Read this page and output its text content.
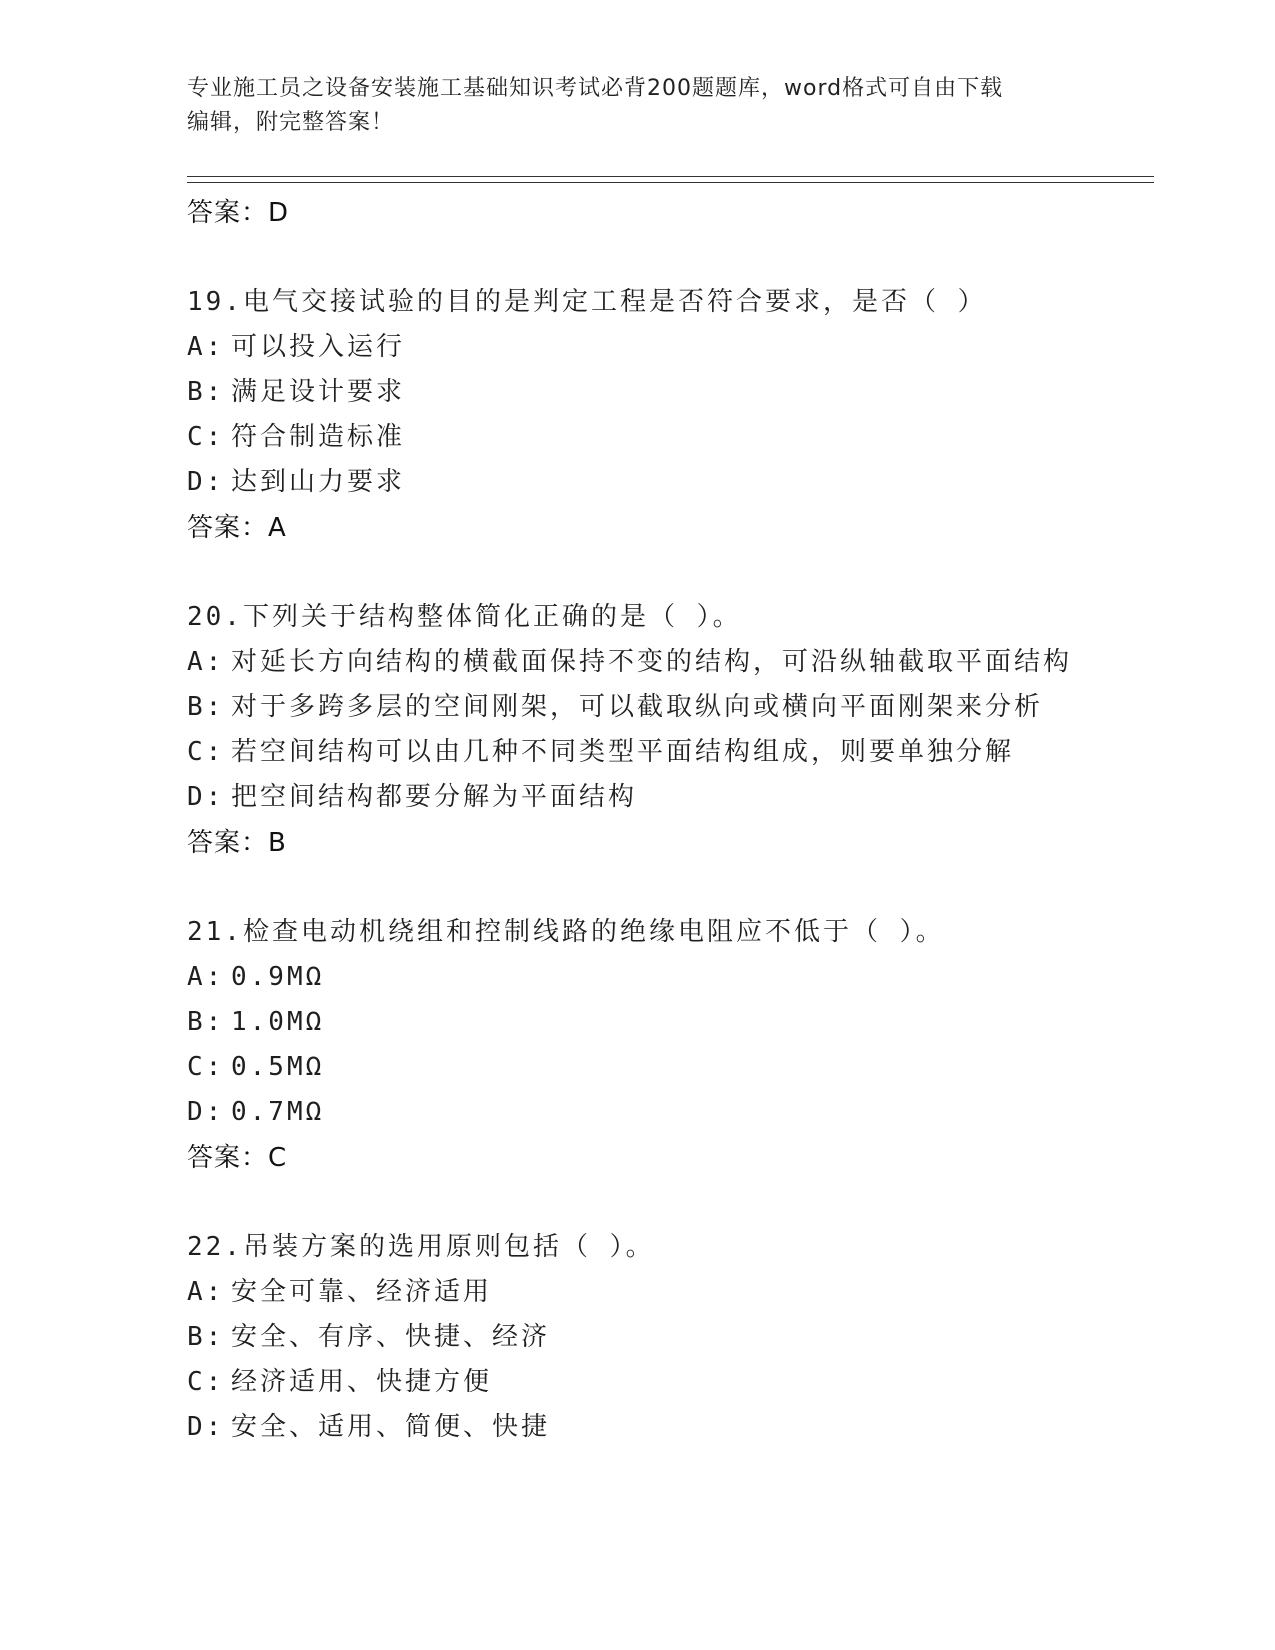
专业施工员之设备安装施工基础知识考试必背200题题库，word格式可自由下载
编辑，附完整答案！
答案：D
19.电气交接试验的目的是判定工程是否符合要求，是否（ ）
A: 可以投入运行
B: 满足设计要求
C: 符合制造标准
D: 达到山力要求
答案：A
20.下列关于结构整体简化正确的是（ ）。
A: 对延长方向结构的横截面保持不变的结构，可沿纵轴截取平面结构
B: 对于多跨多层的空间刚架，可以截取纵向或横向平面刚架来分析
C: 若空间结构可以由几种不同类型平面结构组成，则要单独分解
D: 把空间结构都要分解为平面结构
答案：B
21.检查电动机绕组和控制线路的绝缘电阻应不低于（ ）。
A: 0.9MΩ
B: 1.0MΩ
C: 0.5MΩ
D: 0.7MΩ
答案：C
22.吊装方案的选用原则包括（ ）。
A: 安全可靠、经济适用
B: 安全、有序、快捷、经济
C: 经济适用、快捷方便
D: 安全、适用、简便、快捷
